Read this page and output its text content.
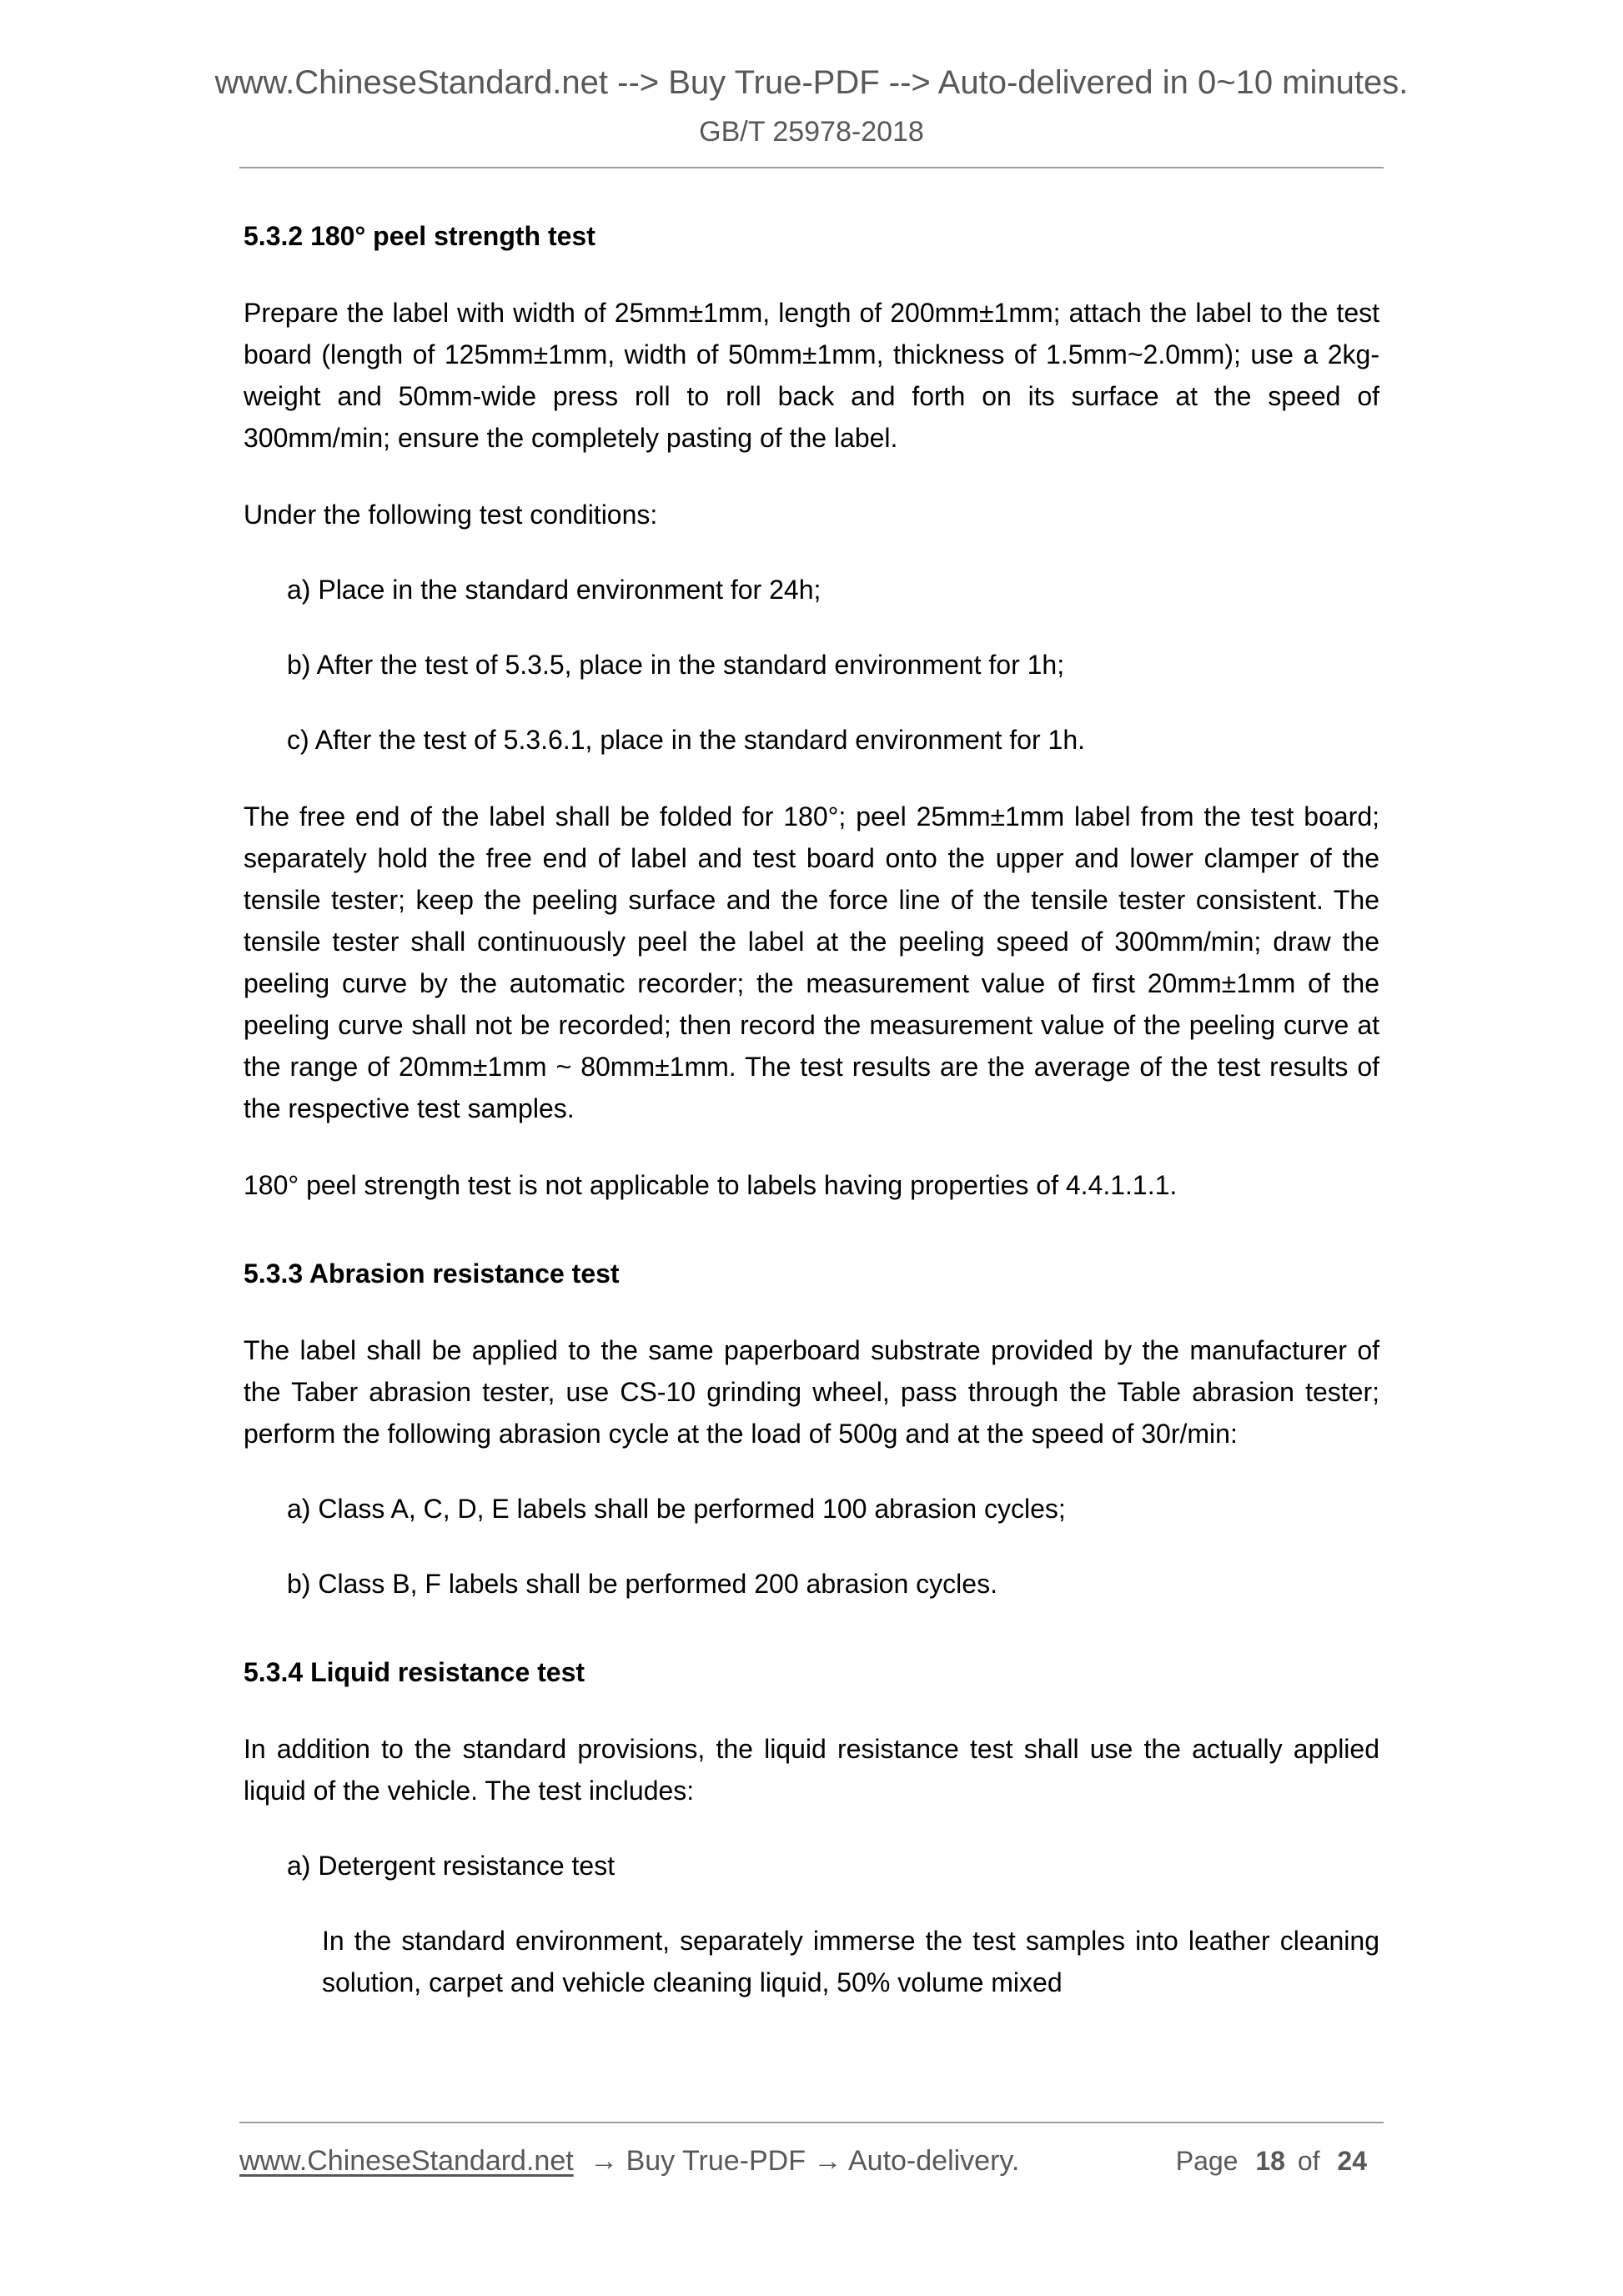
www.ChineseStandard.net --> Buy True-PDF --> Auto-delivered in 0~10 minutes.
GB/T 25978-2018

5.3.2 180° peel strength test

Prepare the label with width of 25mm±1mm, length of 200mm±1mm; attach the label to the test board (length of 125mm±1mm, width of 50mm±1mm, thickness of 1.5mm~2.0mm); use a 2kg-weight and 50mm-wide press roll to roll back and forth on its surface at the speed of 300mm/min; ensure the completely pasting of the label.

Under the following test conditions:

a) Place in the standard environment for 24h;

b) After the test of 5.3.5, place in the standard environment for 1h;

c) After the test of 5.3.6.1, place in the standard environment for 1h.

The free end of the label shall be folded for 180°; peel 25mm±1mm label from the test board; separately hold the free end of label and test board onto the upper and lower clamper of the tensile tester; keep the peeling surface and the force line of the tensile tester consistent. The tensile tester shall continuously peel the label at the peeling speed of 300mm/min; draw the peeling curve by the automatic recorder; the measurement value of first 20mm±1mm of the peeling curve shall not be recorded; then record the measurement value of the peeling curve at the range of 20mm±1mm ~ 80mm±1mm. The test results are the average of the test results of the respective test samples.

180° peel strength test is not applicable to labels having properties of 4.4.1.1.1.

5.3.3 Abrasion resistance test

The label shall be applied to the same paperboard substrate provided by the manufacturer of the Taber abrasion tester, use CS-10 grinding wheel, pass through the Table abrasion tester; perform the following abrasion cycle at the load of 500g and at the speed of 30r/min:

a) Class A, C, D, E labels shall be performed 100 abrasion cycles;

b) Class B, F labels shall be performed 200 abrasion cycles.

5.3.4 Liquid resistance test

In addition to the standard provisions, the liquid resistance test shall use the actually applied liquid of the vehicle. The test includes:

a) Detergent resistance test

In the standard environment, separately immerse the test samples into leather cleaning solution, carpet and vehicle cleaning liquid, 50% volume mixed

www.ChineseStandard.net → Buy True-PDF → Auto-delivery.	Page 18 of 24
